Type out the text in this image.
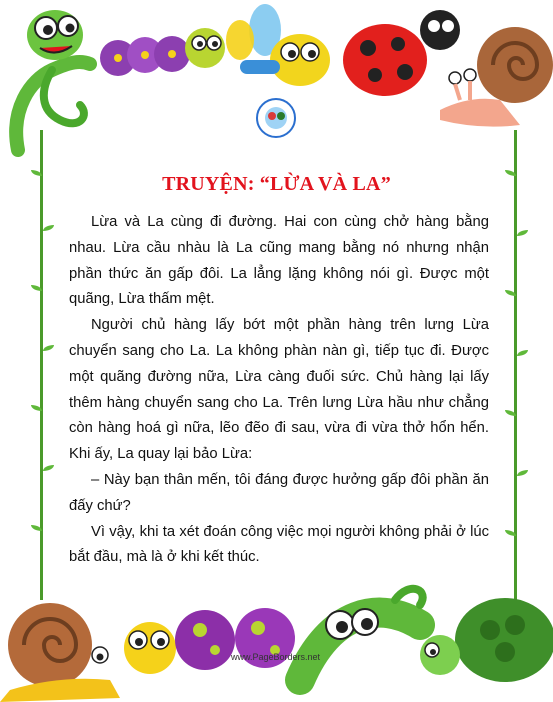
TRUYỆN: “LỪA VÀ LA”

Lừa và La cùng đi đường. Hai con cùng chở hàng bằng nhau. Lừa cầu nhàu là La cũng mang bằng nó nhưng nhận phần thức ăn gấp đôi. La lẳng lặng không nói gì. Được một quãng, Lừa thấm mệt.

Người chủ hàng lấy bớt một phần hàng trên lưng Lừa chuyển sang cho La. La không phàn nàn gì, tiếp tục đi. Được một quãng đường nữa, Lừa càng đuối sức. Chủ hàng lại lấy thêm hàng chuyển sang cho La. Trên lưng Lừa hầu như chẳng còn hàng hoá gì nữa, lẽo đẽo đi sau, vừa đi vừa thở hổn hển. Khi ấy, La quay lại bảo Lừa:

– Này bạn thân mến, tôi đáng được hưởng gấp đôi phần ăn đấy chứ?

Vì vậy, khi ta xét đoán công việc mọi người không phải ở lúc bắt đầu, mà là ở khi kết thúc.

www.PageBorders.net
